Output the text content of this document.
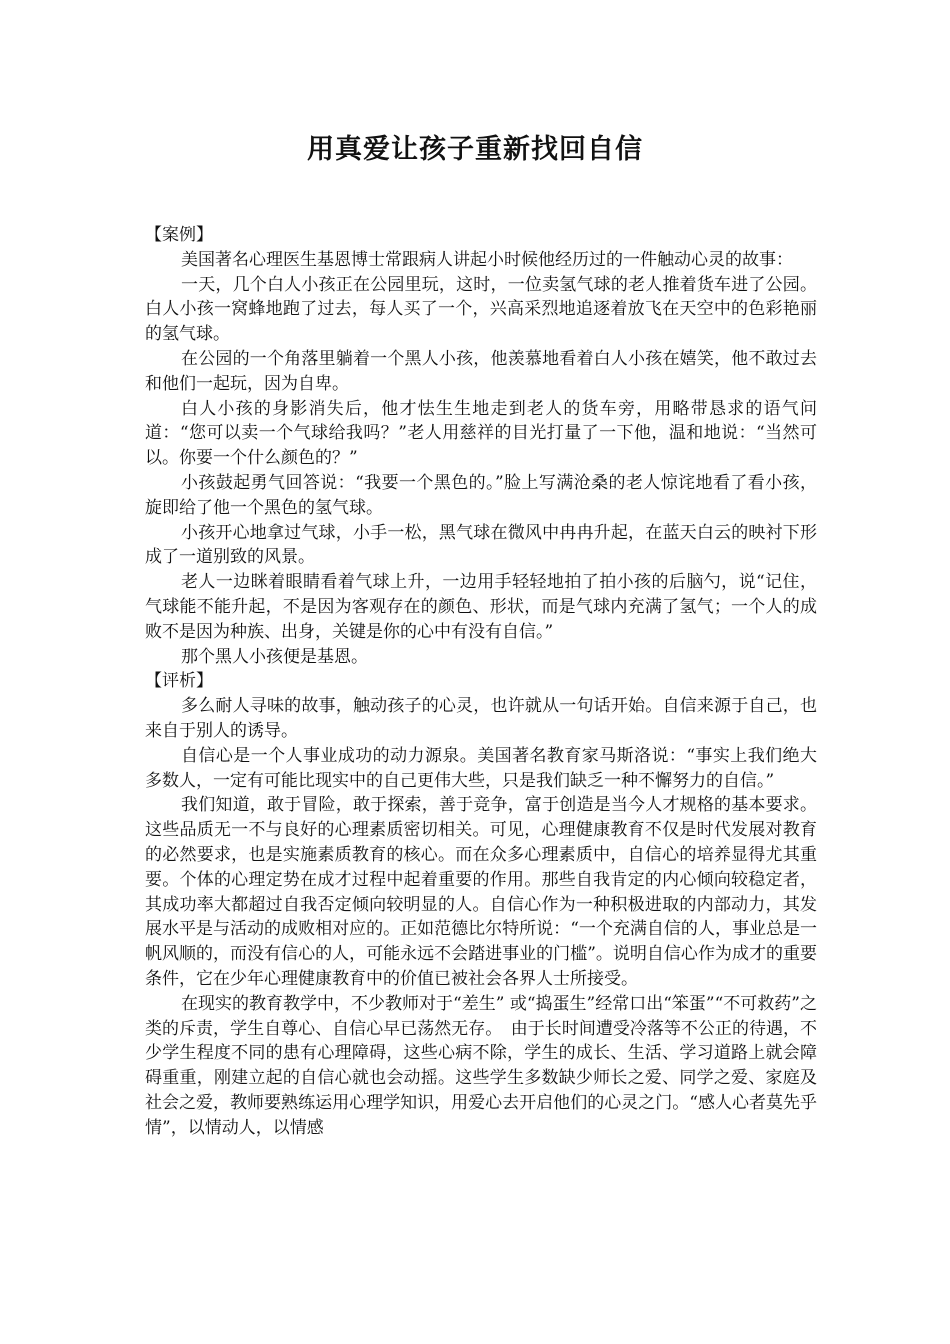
用真爱让孩子重新找回自信
【案例】

美国著名心理医生基恩博士常跟病人讲起小时候他经历过的一件触动心灵的故事：

一天，几个白人小孩正在公园里玩，这时，一位卖氢气球的老人推着货车进了公园。白人小孩一窝蜂地跑了过去，每人买了一个，兴高采烈地追逐着放飞在天空中的色彩艳丽的氢气球。

在公园的一个角落里躺着一个黑人小孩，他羡慕地看着白人小孩在嬉笑，他不敢过去和他们一起玩，因为自卑。

白人小孩的身影消失后，他才怯生生地走到老人的货车旁，用略带恳求的语气问道：“您可以卖一个气球给我吗？”老人用慈祥的目光打量了一下他，温和地说：“当然可以。你要一个什么颜色的？”

小孩鼓起勇气回答说：“我要一个黑色的。”脸上写满沧桑的老人惊诧地看了看小孩，旋即给了他一个黑色的氢气球。

小孩开心地拿过气球，小手一松，黑气球在微风中冉冉升起，在蓝天白云的映衬下形成了一道别致的风景。

老人一边眯着眼睛看着气球上升，一边用手轻轻地拍了拍小孩的后脑勺，说“记住，气球能不能升起，不是因为客观存在的颜色、形状，而是气球内充满了氢气；一个人的成败不是因为种族、出身，关键是你的心中有没有自信。”

那个黑人小孩便是基恩。

【评析】

多么耐人寻味的故事，触动孩子的心灵，也许就从一句话开始。自信来源于自己，也来自于别人的诱导。

自信心是一个人事业成功的动力源泉。美国著名教育家马斯洛说：“事实上我们绝大多数人，一定有可能比现实中的自己更伟大些，只是我们缺乏一种不懈努力的自信。”

我们知道，敢于冒险，敢于探索，善于竞争，富于创造是当今人才规格的基本要求。这些品质无一不与良好的心理素质密切相关。可见，心理健康教育不仅是时代发展对教育的必然要求，也是实施素质教育的核心。而在众多心理素质中，自信心的培养显得尤其重要。个体的心理定势在成才过程中起着重要的作用。那些自我肯定的内心倾向较稳定者，其成功率大都超过自我否定倾向较明显的人。自信心作为一种积极进取的内部动力，其发展水平是与活动的成败相对应的。正如范德比尔特所说：“一个充满自信的人，事业总是一帆风顺的，而没有信心的人，可能永远不会踏进事业的门槛”。说明自信心作为成才的重要条件，它在少年心理健康教育中的价值已被社会各界人士所接受。

在现实的教育教学中，不少教师对于“差生” 或“捣蛋生”经常口出“笨蛋”“不可救药”之类的斥责，学生自尊心、自信心早已荡然无存。　由于长时间遭受冷落等不公正的待遇，不少学生程度不同的患有心理障碍，这些心病不除，学生的成长、生活、学习道路上就会障碍重重，刚建立起的自信心就也会动摇。这些学生多数缺少师长之爱、同学之爱、家庭及社会之爱，教师要熟练运用心理学知识，用爱心去开启他们的心灵之门。“感人心者莫先乎情”，以情动人，以情感
